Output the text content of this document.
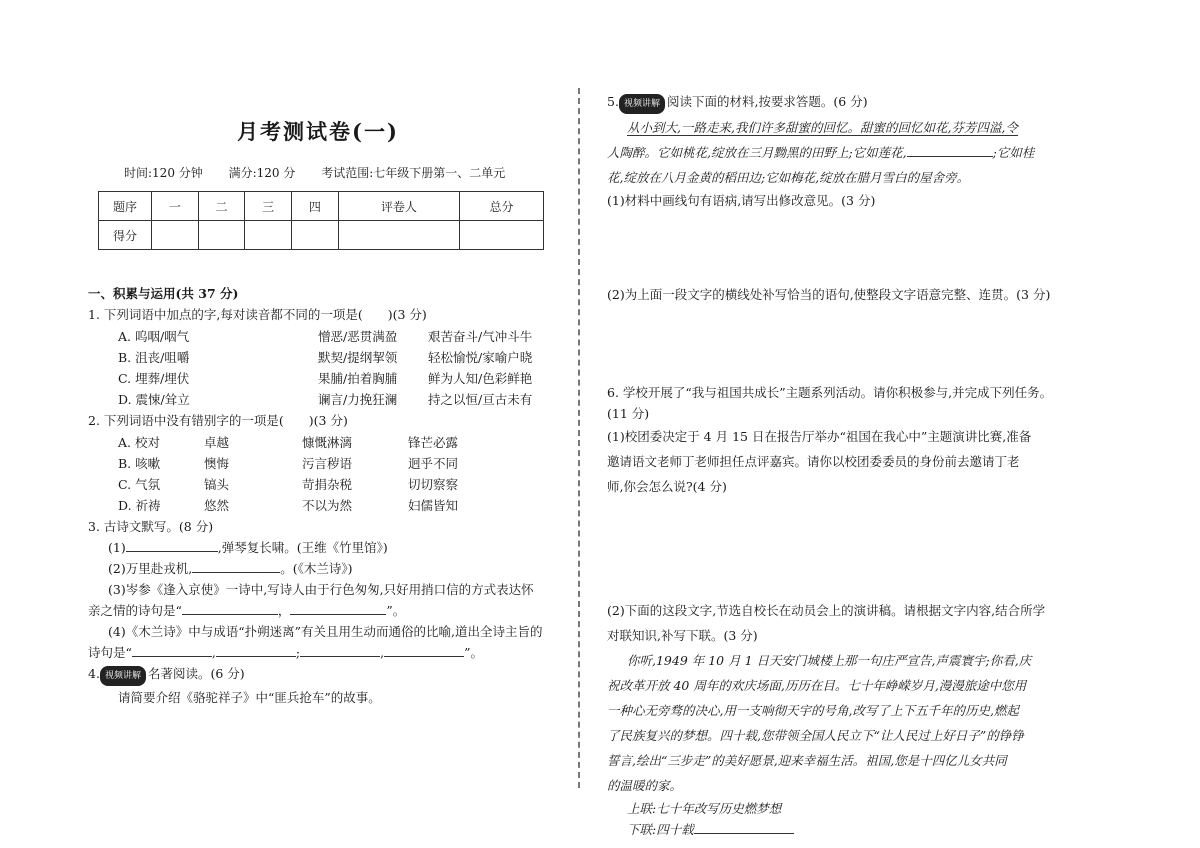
月考测试卷(一)
时间:120 分钟 满分:120 分 考试范围:七年级下册第一、二单元
题序	一	二	三	四	评卷人	总分
得分						
一、积累与运用(共 37 分)
1. 下列词语中加点的字,每对读音都不同的一项是(　　)(3 分)
A. 呜咽/咽气	憎恶/恶贯满盈	艰苦奋斗/气冲斗牛
B. 沮丧/咀嚼	默契/提纲挈领	轻松愉悦/家喻户晓
C. 埋葬/埋伏	果脯/拍着胸脯	鲜为人知/色彩鲜艳
D. 震悚/耸立	谰言/力挽狂澜	持之以恒/亘古未有
2. 下列词语中没有错别字的一项是(　　)(3 分)
A. 校对	卓越	慷慨淋漓	锋芒必露
B. 咳嗽	懊悔	污言秽语	迥乎不同
C. 气氛	镐头	苛捐杂税	切切察察
D. 祈祷	悠然	不以为然	妇儒皆知
3. 古诗文默写。(8 分)
(1)	,弹琴复长啸。(王维《竹里馆》)
(2)万里赴戎机,	。(《木兰诗》)
(3)岑参《逢入京使》一诗中,写诗人由于行色匆匆,只好用捎口信的方式表达怀
亲之情的诗句是“	，	”。
(4)《木兰诗》中与成语“扑朔迷离”有关且用生动而通俗的比喻,道出全诗主旨的
诗句是“	,	;	,	”。
4. 视频讲解 名著阅读。(6 分)
请简要介绍《骆驼祥子》中“匪兵抢车”的故事。
5. 视频讲解 阅读下面的材料,按要求答题。(6 分)
从小到大,一路走来,我们许多甜蜜的回忆。甜蜜的回忆如花,芬芳四溢,令
人陶醉。它如桃花,绽放在三月黝黑的田野上;它如莲花,	;它如桂
花,绽放在八月金黄的稻田边;它如梅花,绽放在腊月雪白的屋舍旁。
(1)材料中画线句有语病,请写出修改意见。(3 分)
(2)为上面一段文字的横线处补写恰当的语句,使整段文字语意完整、连贯。(3 分)
6. 学校开展了“我与祖国共成长”主题系列活动。请你积极参与,并完成下列任务。
(11 分)
(1)校团委决定于 4 月 15 日在报告厅举办“祖国在我心中”主题演讲比赛,准备
邀请语文老师丁老师担任点评嘉宾。请你以校团委委员的身份前去邀请丁老
师,你会怎么说?(4 分)
(2)下面的这段文字,节选自校长在动员会上的演讲稿。请根据文字内容,结合所学
对联知识,补写下联。(3 分)
你听,1949 年 10 月 1 日天安门城楼上那一句庄严宣告,声震寰宇;你看,庆
祝改革开放 40 周年的欢庆场面,历历在目。七十年峥嵘岁月,漫漫旅途中您用
一种心无旁骛的决心,用一支响彻天宇的号角,改写了上下五千年的历史,燃起
了民族复兴的梦想。四十载,您带领全国人民立下“让人民过上好日子”的铮铮
誓言,绘出“三步走”的美好愿景,迎来幸福生活。祖国,您是十四亿儿女共同
的温暖的家。
上联:七十年改写历史燃梦想
下联:四十载
